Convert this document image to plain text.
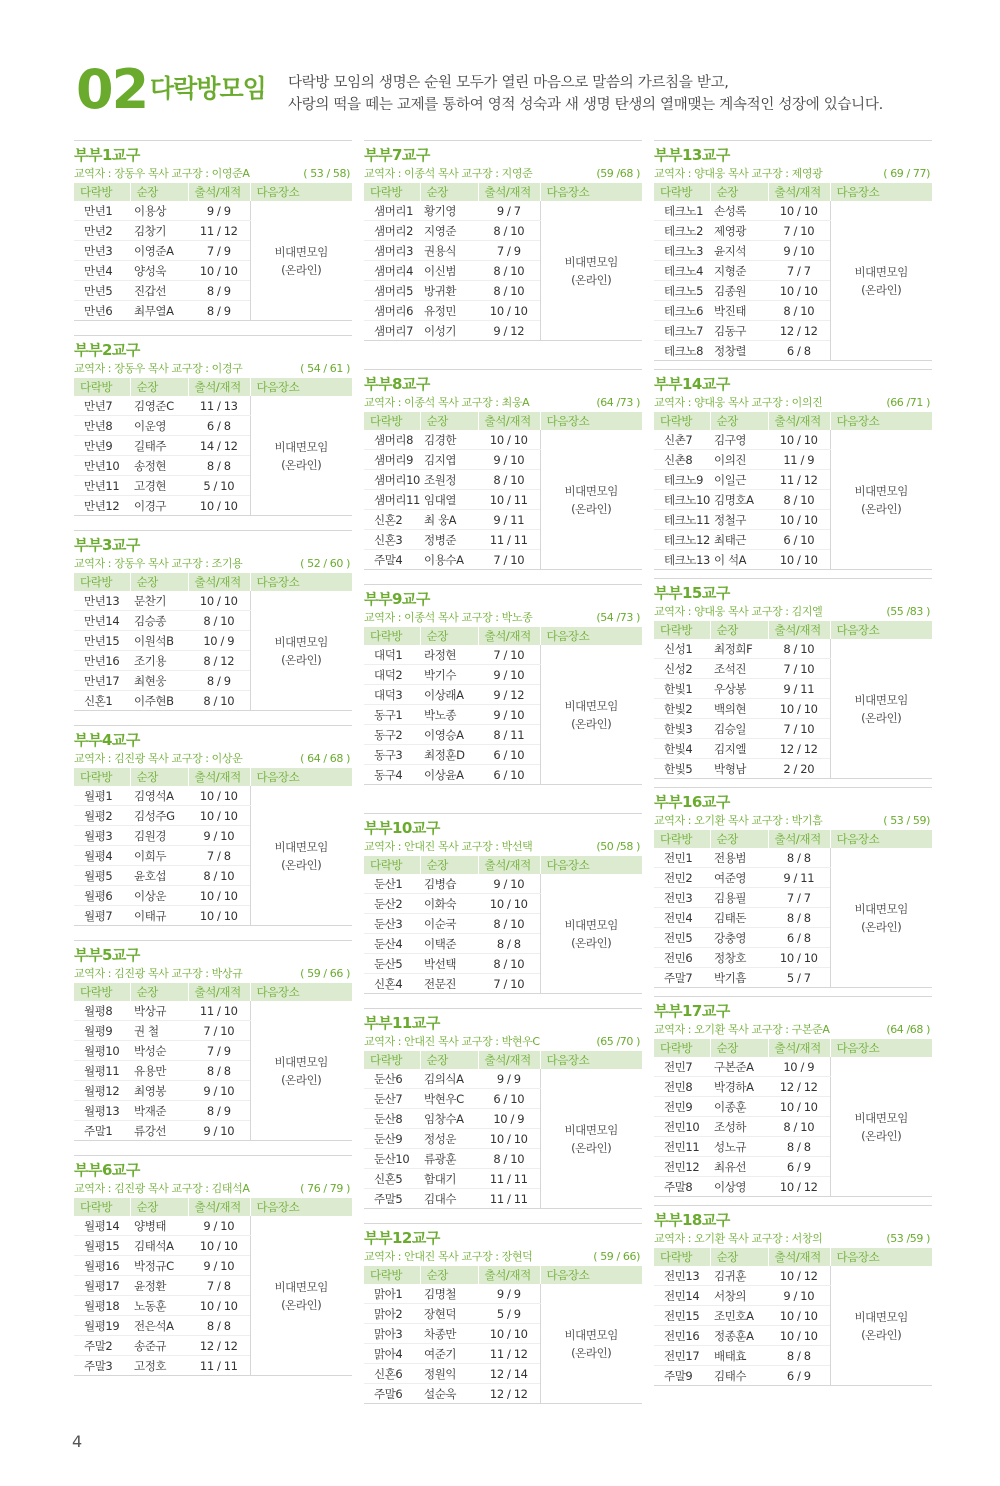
02 다락방모임 다락방 모임의 생명은 순원 모두가 열린 마음으로 말씀의 가르침을 받고,
사랑의 떡을 떼는 교제를 통하여 영적 성숙과 새 생명 탄생의 열매맺는 계속적인 성장에 있습니다.
부부1교구
교역자 : 장동우 목사 교구장 : 이영준A	( 53 / 58)
다락방	순장	출석/재적	다음장소
만년1	이용상	9 / 9	비대면모임
(온라인)

만년2	김창기	11 / 12	
만년3	이영준A	7 / 9	
만년4	양성욱	10 / 10	
만년5	진갑선	8 / 9	
만년6	최무열A	8 / 9	
부부2교구
교역자 : 장동우 목사 교구장 : 이경구	( 54 / 61 )
다락방	순장	출석/재적	다음장소
만년7	김영준C	11 / 13	비대면모임
(온라인)

만년8	이운영	6 / 8	
만년9	길태주	14 / 12	
만년10	송정현	8 / 8	
만년11	고경현	5 / 10	
만년12	이경구	10 / 10	
부부3교구
교역자 : 장동우 목사 교구장 : 조기용	( 52 / 60 )
다락방	순장	출석/재적	다음장소
만년13	문찬기	10 / 10	비대면모임
(온라인)

만년14	김승종	8 / 10	
만년15	이원석B	10 / 9	
만년16	조기용	8 / 12	
만년17	최현웅	8 / 9	
신혼1	이주현B	8 / 10	
부부4교구
교역자 : 김진광 목사 교구장 : 이상운	( 64 / 68 )
다락방	순장	출석/재적	다음장소
월평1	김영석A	10 / 10	비대면모임
(온라인)

월평2	김성주G	10 / 10	
월평3	김원경	9 / 10	
월평4	이희두	7 / 8	
월평5	윤호섭	8 / 10	
월평6	이상운	10 / 10	
월평7	이태규	10 / 10	
부부5교구
교역자 : 김진광 목사 교구장 : 박상규	( 59 / 66 )
다락방	순장	출석/재적	다음장소
월평8	박상규	11 / 10	비대면모임
(온라인)

월평9	권 철	7 / 10	
월평10	박성순	7 / 9	
월평11	유용만	8 / 8	
월평12	최영봉	9 / 10	
월평13	박재준	8 / 9	
주말1	류강선	9 / 10	
부부6교구
교역자 : 김진광 목사 교구장 : 김태석A	( 76 / 79 )
다락방	순장	출석/재적	다음장소
월평14	양병태	9 / 10	비대면모임
(온라인)

월평15	김태석A	10 / 10	
월평16	박정규C	9 / 10	
월평17	윤정환	7 / 8	
월평18	노동훈	10 / 10	
월평19	전은석A	8 / 8	
주말2	송준규	12 / 12	
주말3	고정호	11 / 11	
부부7교구
교역자 : 이종석 목사 교구장 : 지영준	(59 /68 )
다락방	순장	출석/재적	다음장소
샘머리1	황기영	9 / 7	비대면모임
(온라인)

샘머리2	지영준	8 / 10	
샘머리3	권용식	7 / 9	
샘머리4	이신범	8 / 10	
샘머리5	방귀환	8 / 10	
샘머리6	유정민	10 / 10	
샘머리7	이성기	9 / 12	
부부8교구
교역자 : 이종석 목사 교구장 : 최웅A	(64 /73 )
다락방	순장	출석/재적	다음장소
샘머리8	김경한	10 / 10	비대면모임
(온라인)

샘머리9	김지엽	9 / 10	
샘머리10	조원정	8 / 10	
샘머리11	임대열	10 / 11	
신혼2	최 웅A	9 / 11	
신혼3	정병준	11 / 11	
주말4	이용수A	7 / 10	
부부9교구
교역자 : 이종석 목사 교구장 : 박노종	(54 /73 )
다락방	순장	출석/재적	다음장소
대덕1	라정현	7 / 10	비대면모임
(온라인)

대덕2	박기수	9 / 10	
대덕3	이상래A	9 / 12	
동구1	박노종	9 / 10	
동구2	이영승A	8 / 11	
동구3	최정훈D	6 / 10	
동구4	이상윤A	6 / 10	
부부10교구
교역자 : 안대진 목사 교구장 : 박선택	(50 /58 )
다락방	순장	출석/재적	다음장소
둔산1	김병습	9 / 10	비대면모임
(온라인)

둔산2	이화숙	10 / 10	
둔산3	이순국	8 / 10	
둔산4	이택준	8 / 8	
둔산5	박선택	8 / 10	
신혼4	전문진	7 / 10	
부부11교구
교역자 : 안대진 목사 교구장 : 박현우C	(65 /70 )
다락방	순장	출석/재적	다음장소
둔산6	김의식A	9 / 9	비대면모임
(온라인)

둔산7	박현우C	6 / 10	
둔산8	임창수A	10 / 9	
둔산9	정성운	10 / 10	
둔산10	류광훈	8 / 10	
신혼5	함대기	11 / 11	
주말5	김대수	11 / 11	
부부12교구
교역자 : 안대진 목사 교구장 : 장현덕	( 59 / 66)
다락방	순장	출석/재적	다음장소
맑아1	김명철	9 / 9	비대면모임
(온라인)

맑아2	장현덕	5 / 9	
맑아3	차종만	10 / 10	
맑아4	여준기	11 / 12	
신혼6	정원익	12 / 14	
주말6	설순욱	12 / 12	
부부13교구
교역자 : 양대웅 목사 교구장 : 제영광	( 69 / 77)
다락방	순장	출석/재적	다음장소
테크노1	손성록	10 / 10	비대면모임
(온라인)

테크노2	제영광	7 / 10	
테크노3	윤지석	9 / 10	
테크노4	지형준	7 / 7	
테크노5	김종원	10 / 10	
테크노6	박진태	8 / 10	
테크노7	김동구	12 / 12	
테크노8	정창렬	6 / 8	
부부14교구
교역자 : 양대웅 목사 교구장 : 이의진	(66 /71 )
다락방	순장	출석/재적	다음장소
신촌7	김구영	10 / 10	비대면모임
(온라인)

신촌8	이의진	11 / 9	
테크노9	이일근	11 / 12	
테크노10	김명호A	8 / 10	
테크노11	정철구	10 / 10	
테크노12	최태근	6 / 10	
테크노13	이 석A	10 / 10	
부부15교구
교역자 : 양대웅 목사 교구장 : 김지엘	(55 /83 )
다락방	순장	출석/재적	다음장소
신성1	최정희F	8 / 10	비대면모임
(온라인)

신성2	조석진	7 / 10	
한빛1	우상봉	9 / 11	
한빛2	백의현	10 / 10	
한빛3	김승일	7 / 10	
한빛4	김지엘	12 / 12	
한빛5	박형남	2 / 20	
부부16교구
교역자 : 오기환 목사 교구장 : 박기흠	( 53 / 59)
다락방	순장	출석/재적	다음장소
전민1	전용범	8 / 8	비대면모임
(온라인)

전민2	여준영	9 / 11	
전민3	김용필	7 / 7	
전민4	김태돈	8 / 8	
전민5	강충영	6 / 8	
전민6	정창호	10 / 10	
주말7	박기흠	5 / 7	
부부17교구
교역자 : 오기환 목사 교구장 : 구본준A	(64 /68 )
다락방	순장	출석/재적	다음장소
전민7	구본준A	10 / 9	비대면모임
(온라인)

전민8	박경하A	12 / 12	
전민9	이종훈	10 / 10	
전민10	조성하	8 / 10	
전민11	성노규	8 / 8	
전민12	최유선	6 / 9	
주말8	이상영	10 / 12	
부부18교구
교역자 : 오기환 목사 교구장 : 서창의	(53 /59 )
다락방	순장	출석/재적	다음장소
전민13	김귀훈	10 / 12	비대면모임
(온라인)

전민14	서창의	9 / 10	
전민15	조민호A	10 / 10	
전민16	정종훈A	10 / 10	
전민17	배태효	8 / 8	
주말9	김태수	6 / 9	
4
